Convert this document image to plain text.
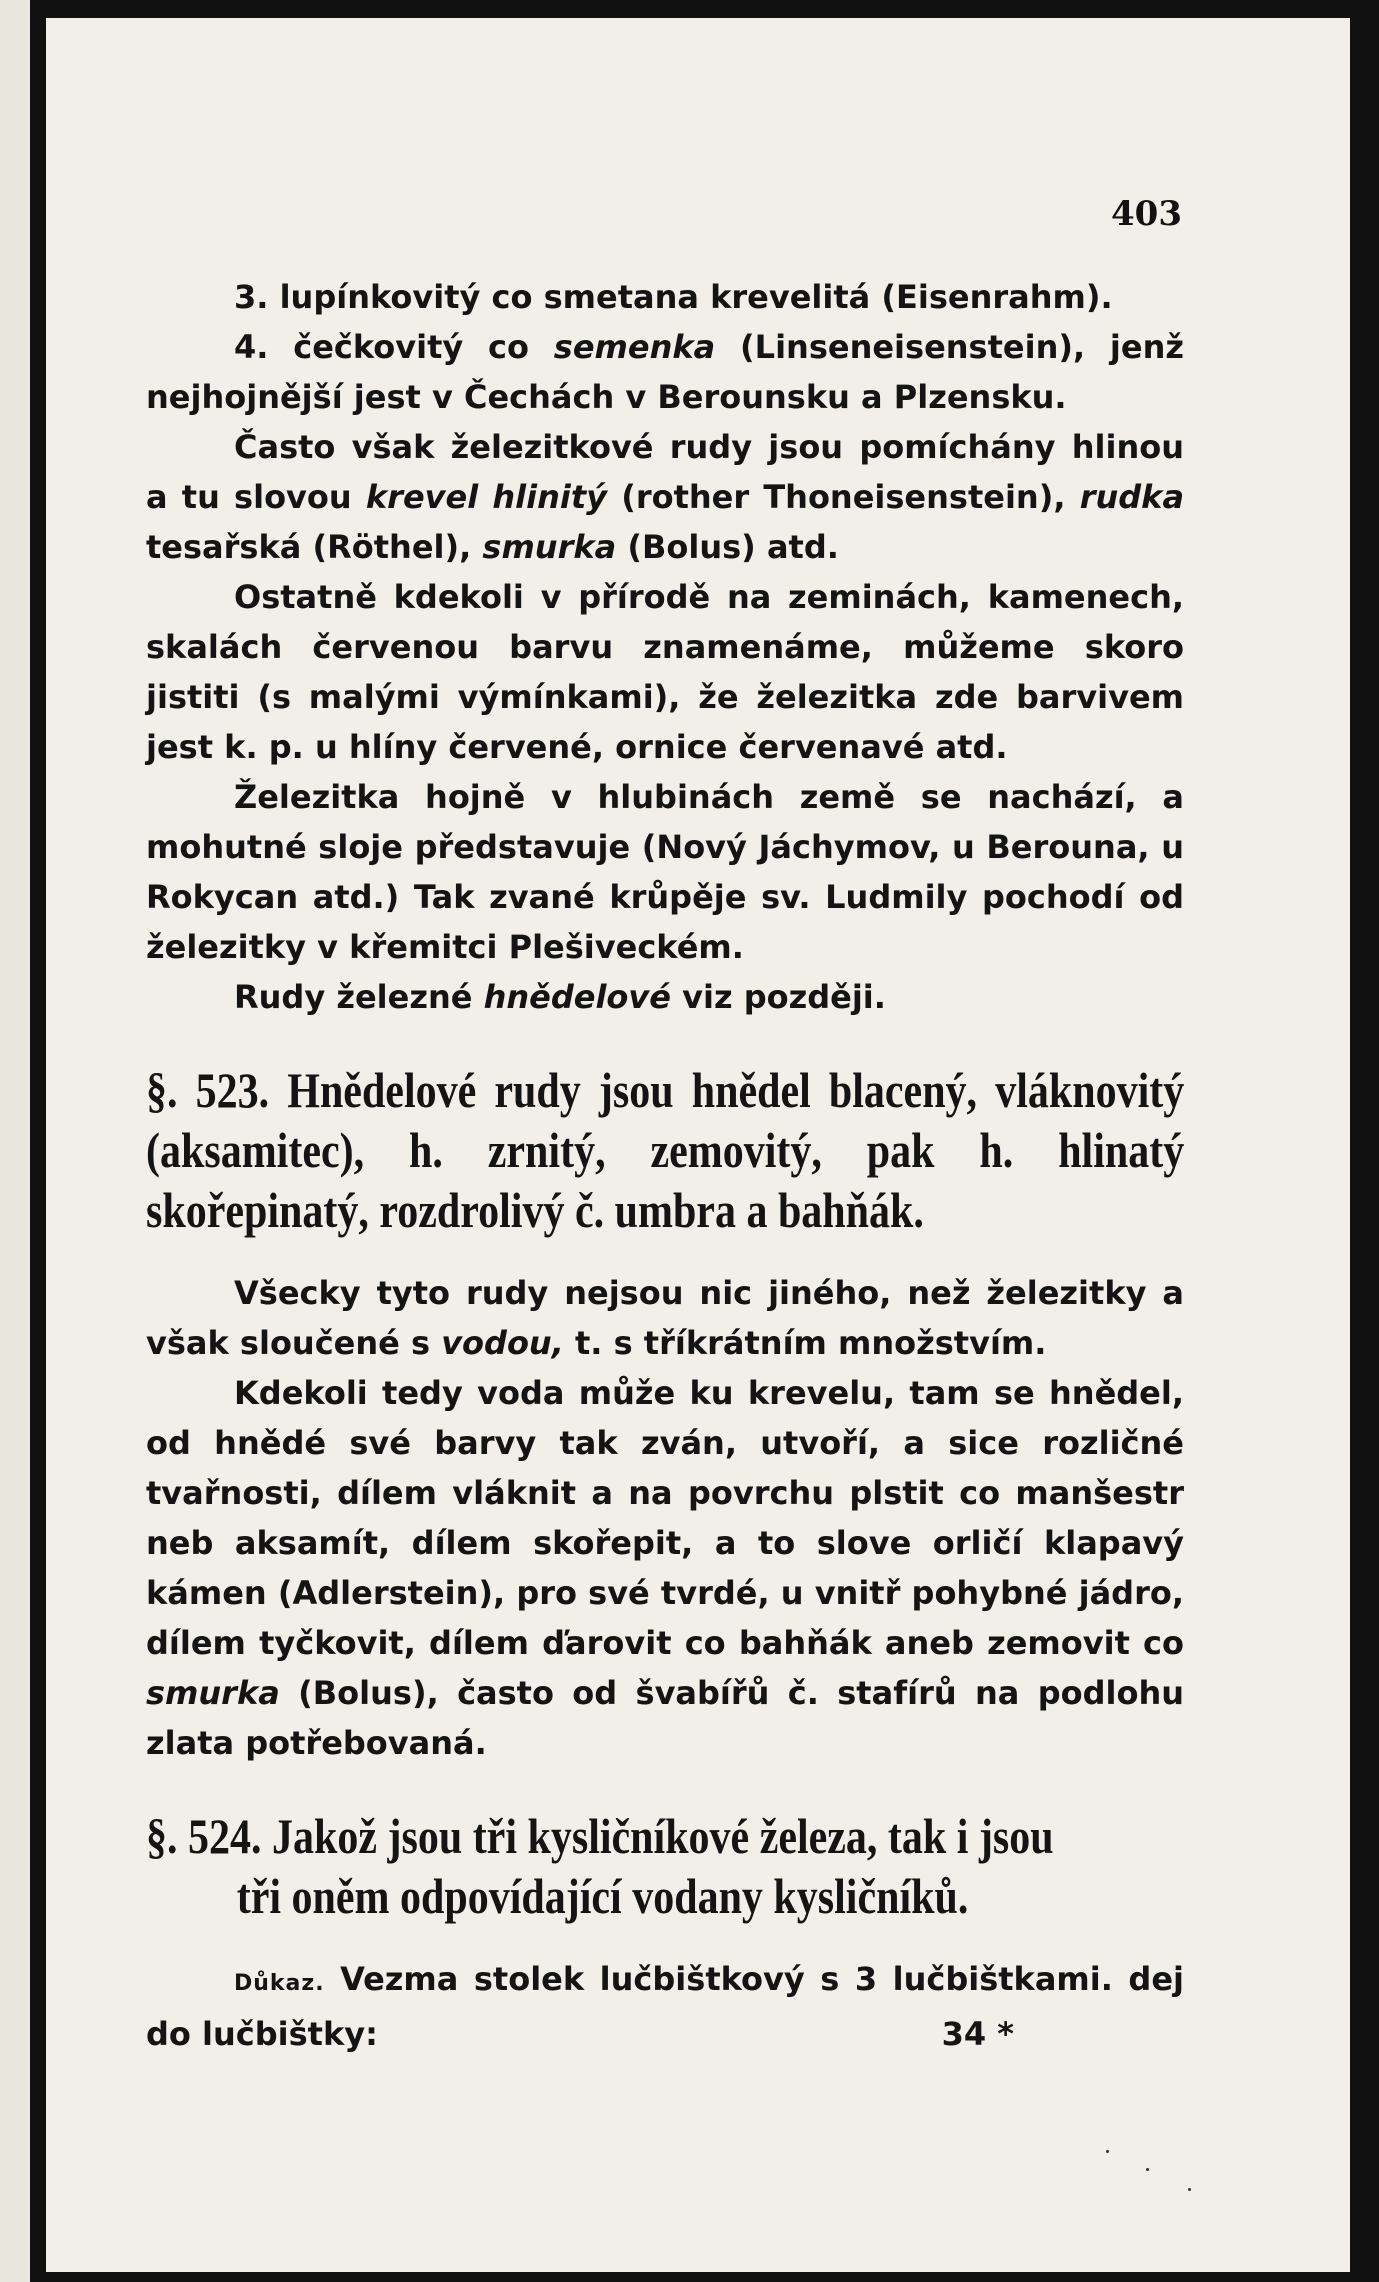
403

3. lupínkovitý co smetana krevelitá (Eisenrahm).

4. čečkovitý co semenka (Linseneisenstein), jenž nejhojnější jest v Čechách v Berounsku a Plzensku.

Často však železitkové rudy jsou pomíchány hlinou a tu slovou krevel hlinitý (rother Thoneisenstein), rudka tesařská (Röthel), smurka (Bolus) atd.

Ostatně kdekoli v přírodě na zeminách, kamenech, skalách červenou barvu znamenáme, můžeme skoro jistiti (s malými výmínkami), že železitka zde barvivem jest k. p. u hlíny červené, ornice červenavé atd.

Železitka hojně v hlubinách země se nachází, a mohutné sloje představuje (Nový Jáchymov, u Berouna, u Rokycan atd.) Tak zvané krůpěje sv. Ludmily pochodí od železitky v křemitci Plešiveckém.

Rudy železné hnědelové viz později.

§. 523. Hnědelové rudy jsou hnědel blacený, vláknovitý (aksamitec), h. zrnitý, zemovitý, pak h. hlinatý skořepinatý, rozdrolivý č. umbra a bahňák.

Všecky tyto rudy nejsou nic jiného, než železitky a však sloučené s vodou, t. s tříkrátním množstvím.

Kdekoli tedy voda může ku krevelu, tam se hnědel, od hnědé své barvy tak zván, utvoří, a sice rozličné tvařnosti, dílem vláknit a na povrchu plstit co manšestr neb aksamít, dílem skořepit, a to slove orličí klapavý kámen (Adlerstein), pro své tvrdé, u vnitř pohybné jádro, dílem tyčkovit, dílem ďarovit co bahňák aneb zemovit co smurka (Bolus), často od švabířů č. stafírů na podlohu zlata potřebovaná.

§. 524. Jakož jsou tři kysličníkové železa, tak i jsou
tři oněm odpovídající vodany kysličníků.

Důkaz. Vezma stolek lučbištkový s 3 lučbištkami. dej do lučbištky:	34 *
